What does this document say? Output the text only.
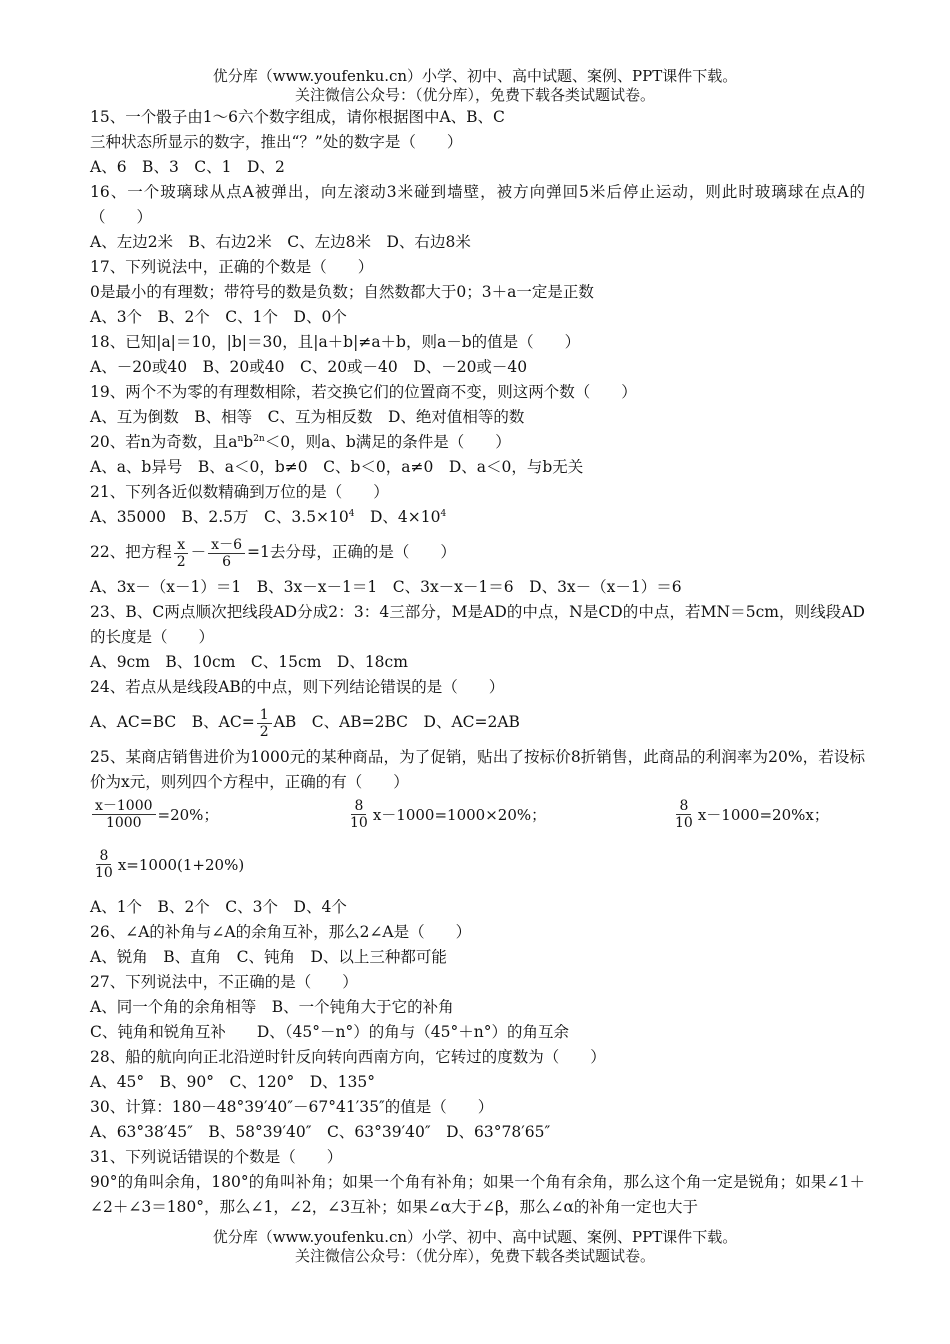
优分库（www.youfenku.cn）小学、初中、高中试题、案例、PPT课件下载。
关注微信公众号：（优分库），免费下载各类试题试卷。
15、一个骰子由1～6六个数字组成，请你根据图中A、B、C
三种状态所显示的数字，推出“？”处的数字是（　　）
A、6　B、3　C、1　D、2
16、一个玻璃球从点A被弹出，向左滚动3米碰到墙壁，被方向弹回5米后停止运动，则此时玻璃球在点A的（　　）
A、左边2米　B、右边2米　C、左边8米　D、右边8米
17、下列说法中，正确的个数是（　　）
0是最小的有理数；带符号的数是负数；自然数都大于0；3＋a一定是正数
A、3个　B、2个　C、1个　D、0个
18、已知|a|＝10，|b|＝30，且|a＋b|≠a＋b，则a－b的值是（　　）
A、－20或40　B、20或40　C、20或－40　D、－20或－40
19、两个不为零的有理数相除，若交换它们的位置商不变，则这两个数（　　）
A、互为倒数　B、相等　C、互为相反数　D、绝对值相等的数
20、若n为奇数，且$a^nb^{2n}<0$，则a、b满足的条件是（　　）
A、a、b异号　B、a＜0，b≠0　C、b＜0，a≠0　D、a＜0，与b无关
21、下列各近似数精确到万位的是（　　）
A、35000　B、2.5万　C、$3.5\times 10^4$　D、$4\times 10^4$
22、把方程 $\frac{x}{2} - \frac{x-6}{6} =1$去分母，正确的是（　　）
A、3x－（x－1）＝1　B、3x－x－1＝1　C、3x－x－1＝6　D、3x－（x－1）＝6
23、B、C两点顺次把线段AD分成2：3：4三部分，M是AD的中点，N是CD的中点，若MN＝5cm，则线段AD的长度是（　　）
A、9cm　B、10cm　C、15cm　D、18cm
24、若点从是线段AB的中点，则下列结论错误的是（　　）
A、AC=BC　B、$AC= \frac{1}{2}$ AB　C、AB=2BC　D、AC=2AB
25、某商店销售进价为1000元的某种商品，为了促销，贴出了按标价8折销售，此商品的利润率为20%，若设标价为x元，则列四个方程中，正确的有（　　）
$\frac{x-1000}{1000} =20\%$；	$\frac{8}{10} x-1000=1000\times 20\%$；	$\frac{8}{10} x-1000=20\%x$；
$\frac{8}{10} x=1000(1+20\%)$
A、1个　B、2个　C、3个　D、4个
26、∠A的补角与∠A的余角互补，那么2∠A是（　　）
A、锐角　B、直角　C、钝角　D、以上三种都可能
27、下列说法中，不正确的是（　　）
A、同一个角的余角相等　B、一个钝角大于它的补角
C、钝角和锐角互补　　D、（45°－n°）的角与（45°＋n°）的角互余
28、船的航向向正北沿逆时针反向转向西南方向，它转过的度数为（　　）
A、45°　B、90°　C、120°　D、135°
30、计算：180－48°39′40″－67°41′35″的值是（　　）
A、63°38′45″　B、58°39′40″　C、63°39′40″　D、63°78′65″
31、下列说话错误的个数是（　　）
90°的角叫余角，180°的角叫补角；如果一个角有补角；如果一个角有余角，那么这个角一定是锐角；如果∠1＋∠2＋∠3＝180°，那么∠1，∠2，∠3互补；如果∠α大于∠β，那么∠α的补角一定也大于
优分库（www.youfenku.cn）小学、初中、高中试题、案例、PPT课件下载。
关注微信公众号：（优分库），免费下载各类试题试卷。
